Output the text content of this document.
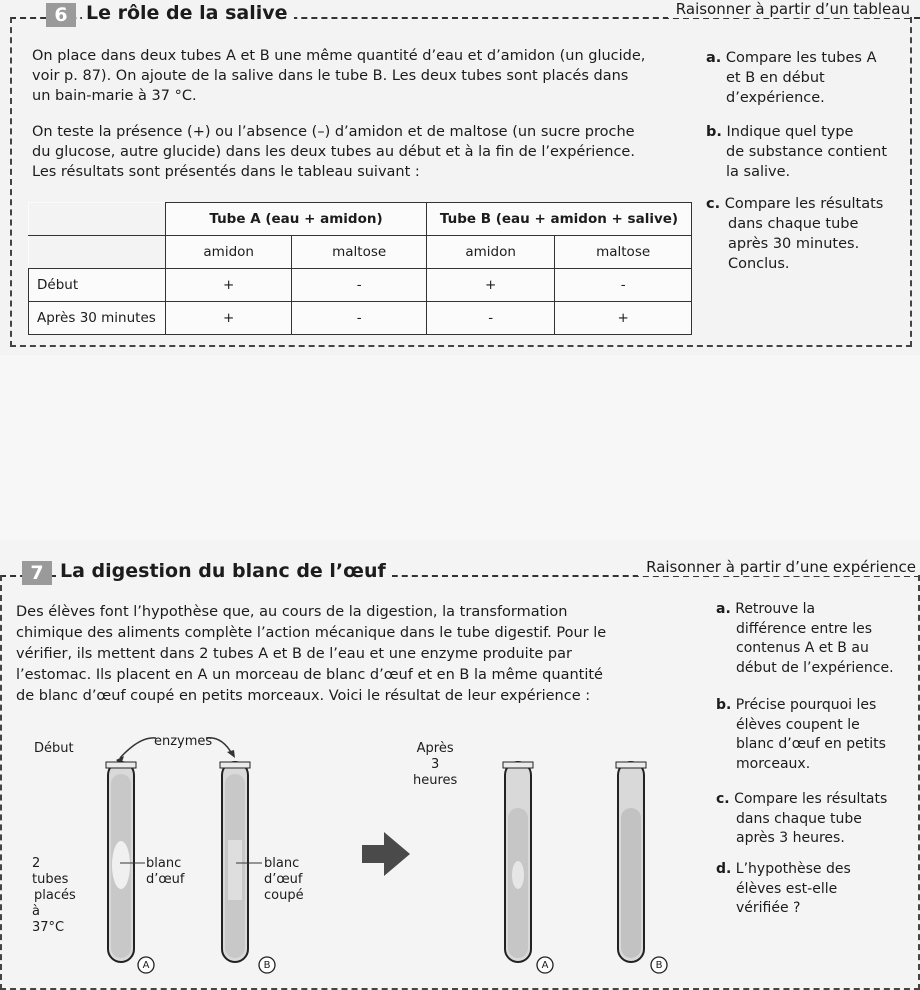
6 Le rôle de la salive	Raisonner à partir d’un tableau

On place dans deux tubes A et B une même quantité d’eau et d’amidon (un glucide,
voir p. 87). On ajoute de la salive dans le tube B. Les deux tubes sont placés dans
un bain-marie à 37 °C.

On teste la présence (+) ou l’absence (–) d’amidon et de maltose (un sucre proche
du glucose, autre glucide) dans les deux tubes au début et à la fin de l’expérience.
Les résultats sont présentés dans le tableau suivant :

	Tube A (eau + amidon)		Tube B (eau + amidon + salive)	
	amidon	maltose	amidon	maltose
Début	+	-	+	-
Après 30 minutes	+	-	-	+
a. Compare les tubes A
et B en début
d’expérience.
b. Indique quel type
de substance contient
la salive.
c. Compare les résultats
dans chaque tube
après 30 minutes.
Conclus.
7 La digestion du blanc de l’œuf	Raisonner à partir d’une expérience

Des élèves font l’hypothèse que, au cours de la digestion, la transformation
chimique des aliments complète l’action mécanique dans le tube digestif. Pour le
vérifier, ils mettent dans 2 tubes A et B de l’eau et une enzyme produite par
l’estomac. Ils placent en A un morceau de blanc d’œuf et en B la même quantité
de blanc d’œuf coupé en petits morceaux. Voici le résultat de leur expérience :

Début	enzymes	Après
3 heures
2 tubes
placés
à 37°C
blanc
d’œuf
blanc
d’œuf
coupé
A	B	A	B
a. Retrouve la
différence entre les
contenus A et B au
début de l’expérience.
b. Précise pourquoi les
élèves coupent le
blanc d’œuf en petits
morceaux.
c. Compare les résultats
dans chaque tube
après 3 heures.
d. L’hypothèse des
élèves est-elle
vérifiée ?
